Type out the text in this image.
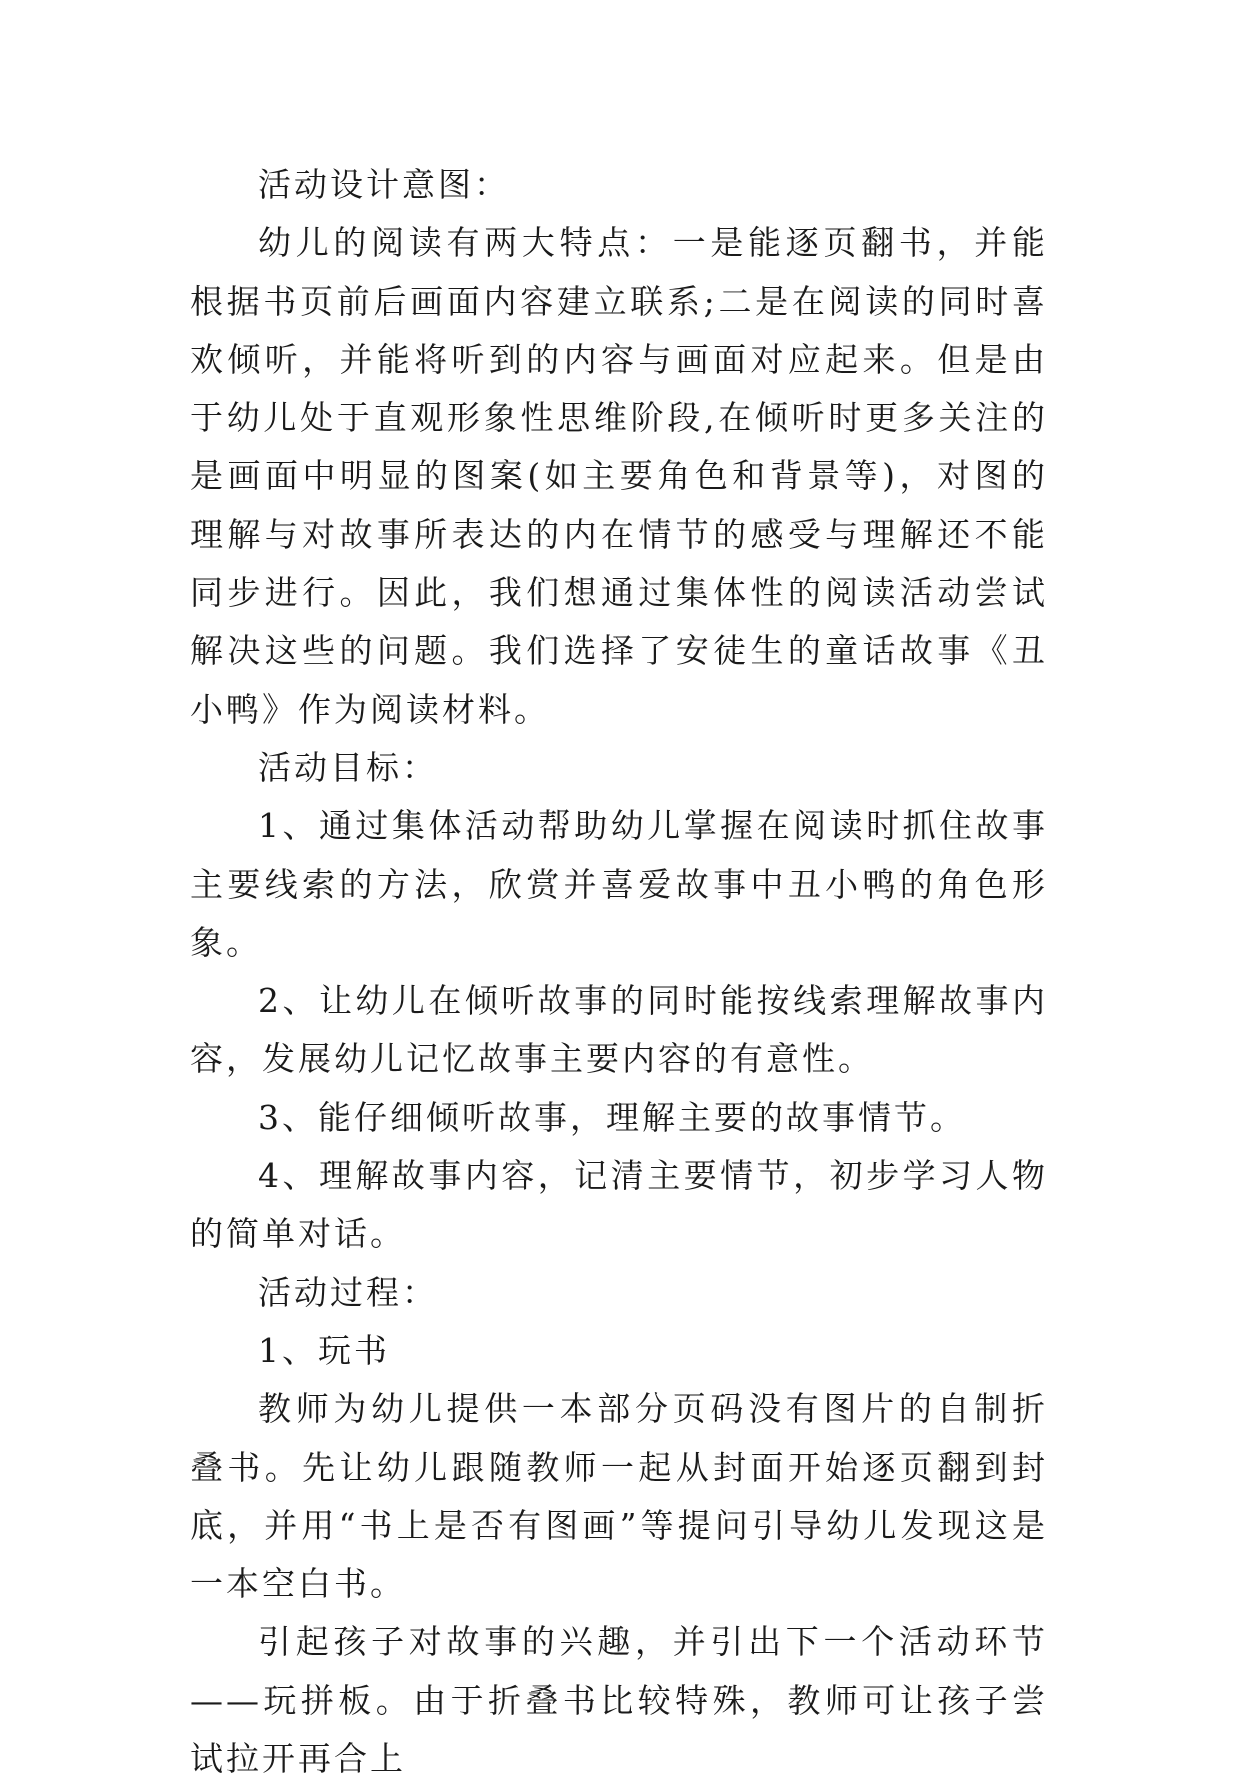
活动设计意图：

幼儿的阅读有两大特点：一是能逐页翻书，并能根据书页前后画面内容建立联系;二是在阅读的同时喜欢倾听，并能将听到的内容与画面对应起来。但是由于幼儿处于直观形象性思维阶段,在倾听时更多关注的是画面中明显的图案(如主要角色和背景等)，对图的理解与对故事所表达的内在情节的感受与理解还不能同步进行。因此，我们想通过集体性的阅读活动尝试解决这些的问题。我们选择了安徒生的童话故事《丑小鸭》作为阅读材料。

活动目标：

1、通过集体活动帮助幼儿掌握在阅读时抓住故事主要线索的方法，欣赏并喜爱故事中丑小鸭的角色形象。

2、让幼儿在倾听故事的同时能按线索理解故事内容，发展幼儿记忆故事主要内容的有意性。

3、能仔细倾听故事，理解主要的故事情节。

4、理解故事内容，记清主要情节，初步学习人物的简单对话。

活动过程：

1、玩书

教师为幼儿提供一本部分页码没有图片的自制折叠书。先让幼儿跟随教师一起从封面开始逐页翻到封底，并用“书上是否有图画”等提问引导幼儿发现这是一本空白书。

引起孩子对故事的兴趣，并引出下一个活动环节——玩拼板。由于折叠书比较特殊，教师可让孩子尝试拉开再合上
